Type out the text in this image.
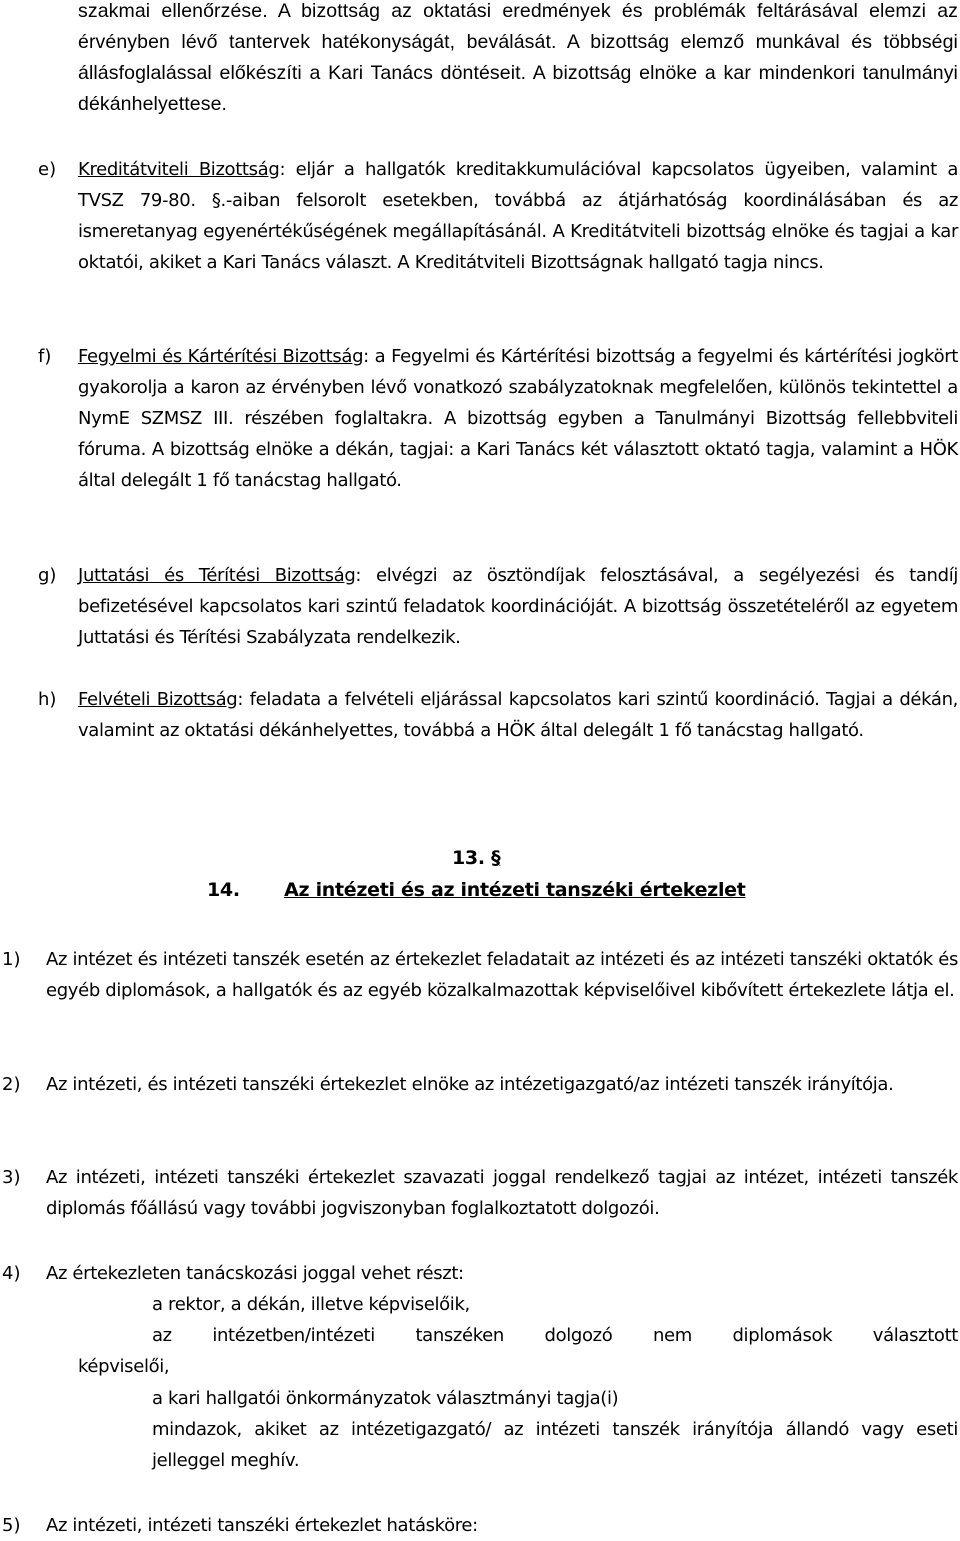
szakmai ellenőrzése. A bizottság az oktatási eredmények és problémák feltárásával elemzi az érvényben lévő tantervek hatékonyságát, beválását. A bizottság elemző munkával és többségi állásfoglalással előkészíti a Kari Tanács döntéseit. A bizottság elnöke a kar mindenkori tanulmányi dékánhelyettese.
e) Kreditátviteli Bizottság: eljár a hallgatók kreditakkumulációval kapcsolatos ügyeiben, valamint a TVSZ 79-80. §.-aiban felsorolt esetekben, továbbá az átjárhatóság koordinálásában és az ismeretanyag egyenértékűségének megállapításánál. A Kreditátviteli bizottság elnöke és tagjai a kar oktatói, akiket a Kari Tanács választ. A Kreditátviteli Bizottságnak hallgató tagja nincs.
f) Fegyelmi és Kártérítési Bizottság: a Fegyelmi és Kártérítési bizottság a fegyelmi és kártérítési jogkört gyakorolja a karon az érvényben lévő vonatkozó szabályzatoknak megfelelően, különös tekintettel a NymE SZMSZ III. részében foglaltakra. A bizottság egyben a Tanulmányi Bizottság fellebbviteli fóruma. A bizottság elnöke a dékán, tagjai: a Kari Tanács két választott oktató tagja, valamint a HÖK által delegált 1 fő tanácstag hallgató.
g) Juttatási és Térítési Bizottság: elvégzi az ösztöndíjak felosztásával, a segélyezési és tandíj befizetésével kapcsolatos kari szintű feladatok koordinációját. A bizottság összetételéről az egyetem Juttatási és Térítési Szabályzata rendelkezik.
h) Felvételi Bizottság: feladata a felvételi eljárással kapcsolatos kari szintű koordináció. Tagjai a dékán, valamint az oktatási dékánhelyettes, továbbá a HÖK által delegált 1 fő tanácstag hallgató.
13. §
14. Az intézeti és az intézeti tanszéki értekezlet
1) Az intézet és intézeti tanszék esetén az értekezlet feladatait az intézeti és az intézeti tanszéki oktatók és egyéb diplomások, a hallgatók és az egyéb közalkalmazottak képviselőivel kibővített értekezlete látja el.
2) Az intézeti, és intézeti tanszéki értekezlet elnöke az intézetigazgató/az intézeti tanszék irányítója.
3) Az intézeti, intézeti tanszéki értekezlet szavazati joggal rendelkező tagjai az intézet, intézeti tanszék diplomás főállású vagy további jogviszonyban foglalkoztatott dolgozói.
4) Az értekezleten tanácskozási joggal vehet részt:
a rektor, a dékán, illetve képviselőik,
az intézetben/intézeti tanszéken dolgozó nem diplomások választott
képviselői,
a kari hallgatói önkormányzatok választmányi tagja(i)
mindazok, akiket az intézetigazgató/ az intézeti tanszék irányítója állandó vagy eseti jelleggel meghív.
5) Az intézeti, intézeti tanszéki értekezlet hatásköre:
